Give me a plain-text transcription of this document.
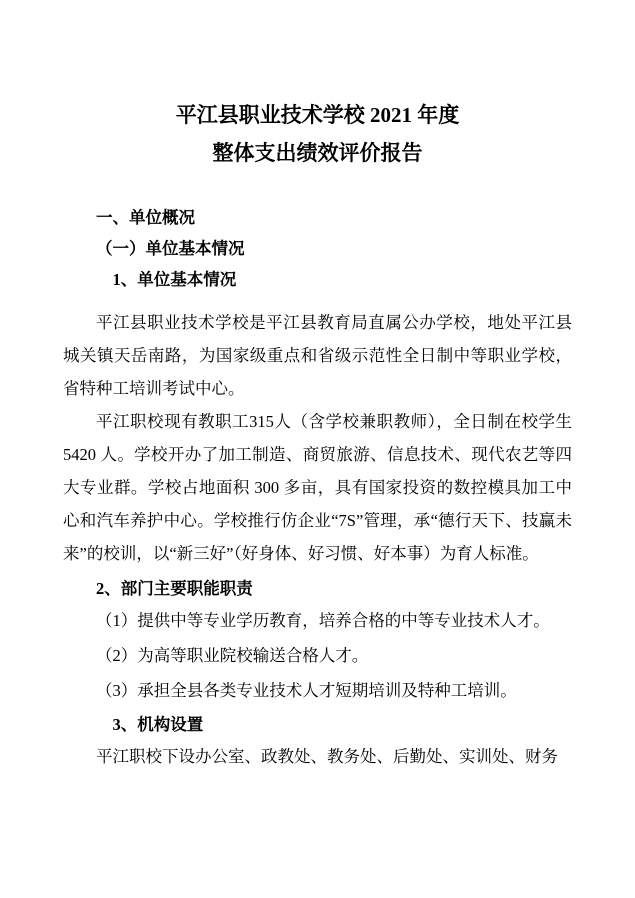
平江县职业技术学校 2021 年度
整体支出绩效评价报告
一、单位概况
（一）单位基本情况
1、单位基本情况

平江县职业技术学校是平江县教育局直属公办学校，地处平江县城关镇天岳南路，为国家级重点和省级示范性全日制中等职业学校，省特种工培训考试中心。

平江职校现有教职工315人（含学校兼职教师），全日制在校学生 5420 人。学校开办了加工制造、商贸旅游、信息技术、现代农艺等四大专业群。学校占地面积 300 多亩，具有国家投资的数控模具加工中心和汽车养护中心。学校推行仿企业“7S”管理，承“德行天下、技赢未来”的校训，以“新三好”（好身体、好习惯、好本事）为育人标准。

2、部门主要职能职责

（1）提供中等专业学历教育，培养合格的中等专业技术人才。

（2）为高等职业院校输送合格人才。

（3）承担全县各类专业技术人才短期培训及特种工培训。

3、机构设置

平江职校下设办公室、政教处、教务处、后勤处、实训处、财务
